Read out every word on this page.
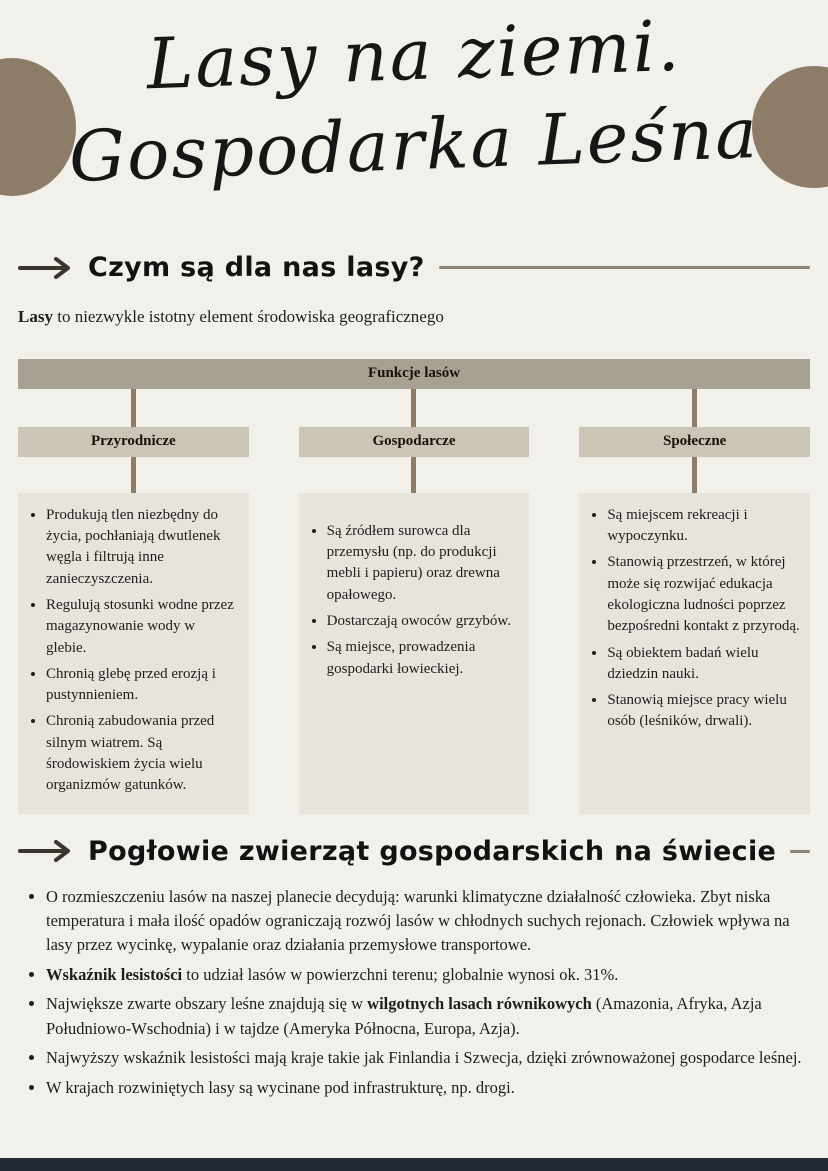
Lasy na ziemi.
Gospodarka Leśna
Czym są dla nas lasy?

Lasy to niezwykle istotny element środowiska geograficznego

Funkcje lasów
Przyrodnicze	Gospodarcze	Społeczne
• Produkują tlen niezbędny do życia, pochłaniają dwutlenek węgla i filtrują inne zanieczyszczenia.
• Regulują stosunki wodne przez magazynowanie wody w glebie.
• Chronią glebę przed erozją i pustynnieniem.
• Chronią zabudowania przed silnym wiatrem. Są środowiskiem życia wielu organizmów gatunków.
• Są źródłem surowca dla przemysłu (np. do produkcji mebli i papieru) oraz drewna opałowego.
• Dostarczają owoców grzybów.
• Są miejsce, prowadzenia gospodarki łowieckiej.
• Są miejscem rekreacji i wypoczynku.
• Stanowią przestrzeń, w której może się rozwijać edukacja ekologiczna ludności poprzez bezpośredni kontakt z przyrodą.
• Są obiektem badań wielu dziedzin nauki.
• Stanowią miejsce pracy wielu osób (leśników, drwali).
Pogłowie zwierząt gospodarskich na świecie
• O rozmieszczeniu lasów na naszej planecie decydują: warunki klimatyczne działalność człowieka. Zbyt niska temperatura i mała ilość opadów ograniczają rozwój lasów w chłodnych suchych rejonach. Człowiek wpływa na lasy przez wycinkę, wypalanie oraz działania przemysłowe transportowe.
• Wskaźnik lesistości to udział lasów w powierzchni terenu; globalnie wynosi ok. 31%.
• Największe zwarte obszary leśne znajdują się w wilgotnych lasach równikowych (Amazonia, Afryka, Azja Południowo-Wschodnia) i w tajdze (Ameryka Północna, Europa, Azja).
• Najwyższy wskaźnik lesistości mają kraje takie jak Finlandia i Szwecja, dzięki zrównoważonej gospodarce leśnej.
• W krajach rozwiniętych lasy są wycinane pod infrastrukturę, np. drogi.
